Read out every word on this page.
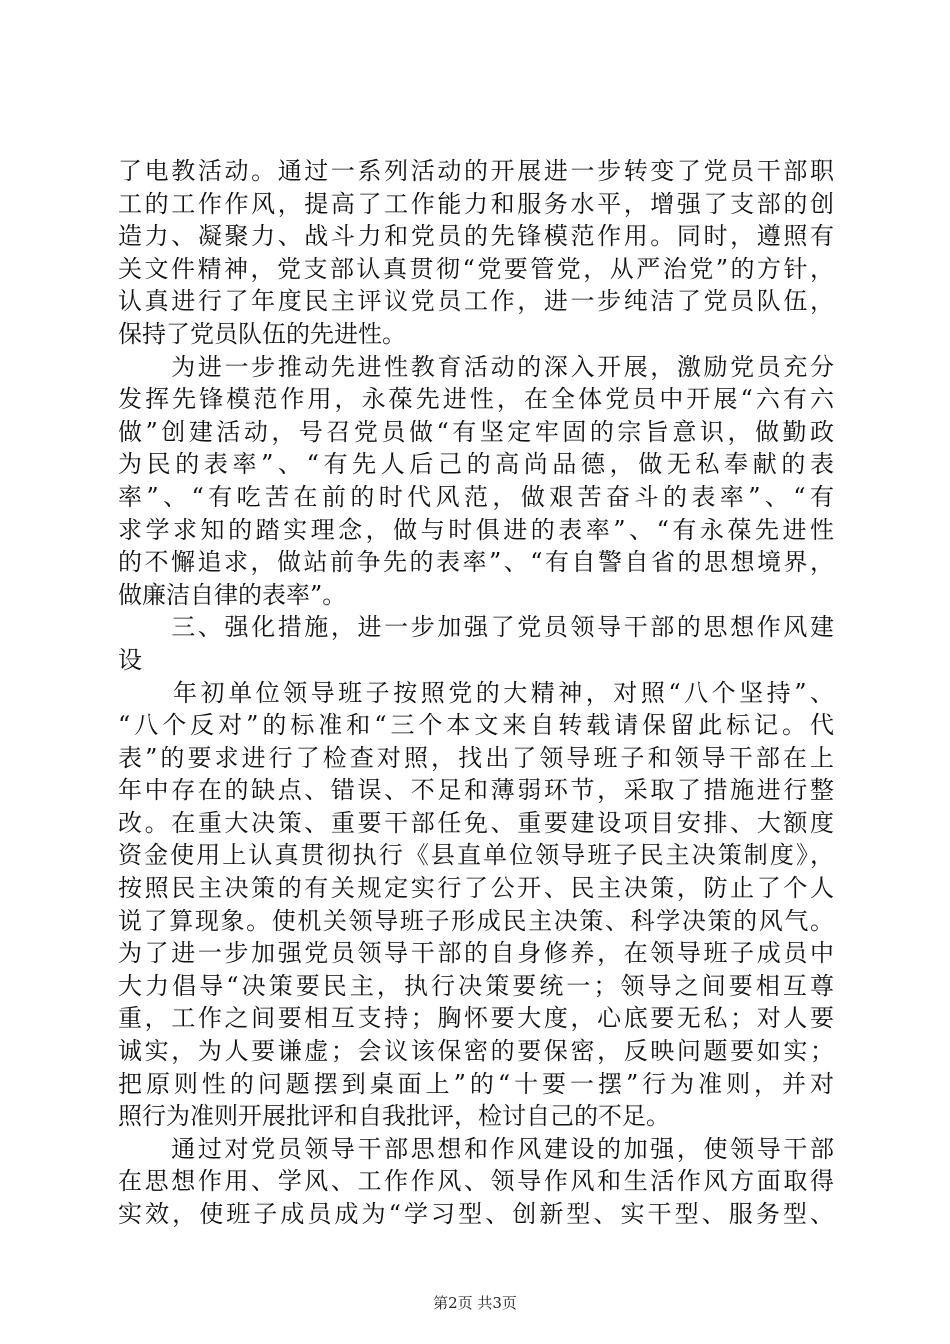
了电教活动。通过一系列活动的开展进一步转变了党员干部职
工的工作作风，提高了工作能力和服务水平，增强了支部的创
造力、凝聚力、战斗力和党员的先锋模范作用。同时，遵照有
关文件精神，党支部认真贯彻“党要管党，从严治党”的方针，
认真进行了年度民主评议党员工作，进一步纯洁了党员队伍，
保持了党员队伍的先进性。
　　为进一步推动先进性教育活动的深入开展，激励党员充分
发挥先锋模范作用，永葆先进性，在全体党员中开展“六有六
做”创建活动，号召党员做“有坚定牢固的宗旨意识，做勤政
为民的表率”、“有先人后己的高尚品德，做无私奉献的表
率”、“有吃苦在前的时代风范，做艰苦奋斗的表率”、“有
求学求知的踏实理念，做与时俱进的表率”、“有永葆先进性
的不懈追求，做站前争先的表率”、“有自警自省的思想境界，
做廉洁自律的表率”。
　　三、强化措施，进一步加强了党员领导干部的思想作风建
设
　　年初单位领导班子按照党的大精神，对照“八个坚持”、
“八个反对”的标准和“三个本文来自转载请保留此标记。代
表”的要求进行了检查对照，找出了领导班子和领导干部在上
年中存在的缺点、错误、不足和薄弱环节，采取了措施进行整
改。在重大决策、重要干部任免、重要建设项目安排、大额度
资金使用上认真贯彻执行《县直单位领导班子民主决策制度》，
按照民主决策的有关规定实行了公开、民主决策，防止了个人
说了算现象。使机关领导班子形成民主决策、科学决策的风气。
为了进一步加强党员领导干部的自身修养，在领导班子成员中
大力倡导“决策要民主，执行决策要统一；领导之间要相互尊
重，工作之间要相互支持；胸怀要大度，心底要无私；对人要
诚实，为人要谦虚；会议该保密的要保密，反映问题要如实；
把原则性的问题摆到桌面上”的“十要一摆”行为准则，并对
照行为准则开展批评和自我批评，检讨自己的不足。
　　通过对党员领导干部思想和作风建设的加强，使领导干部
在思想作用、学风、工作作风、领导作风和生活作风方面取得
实效，使班子成员成为“学习型、创新型、实干型、服务型、
第2页 共3页
